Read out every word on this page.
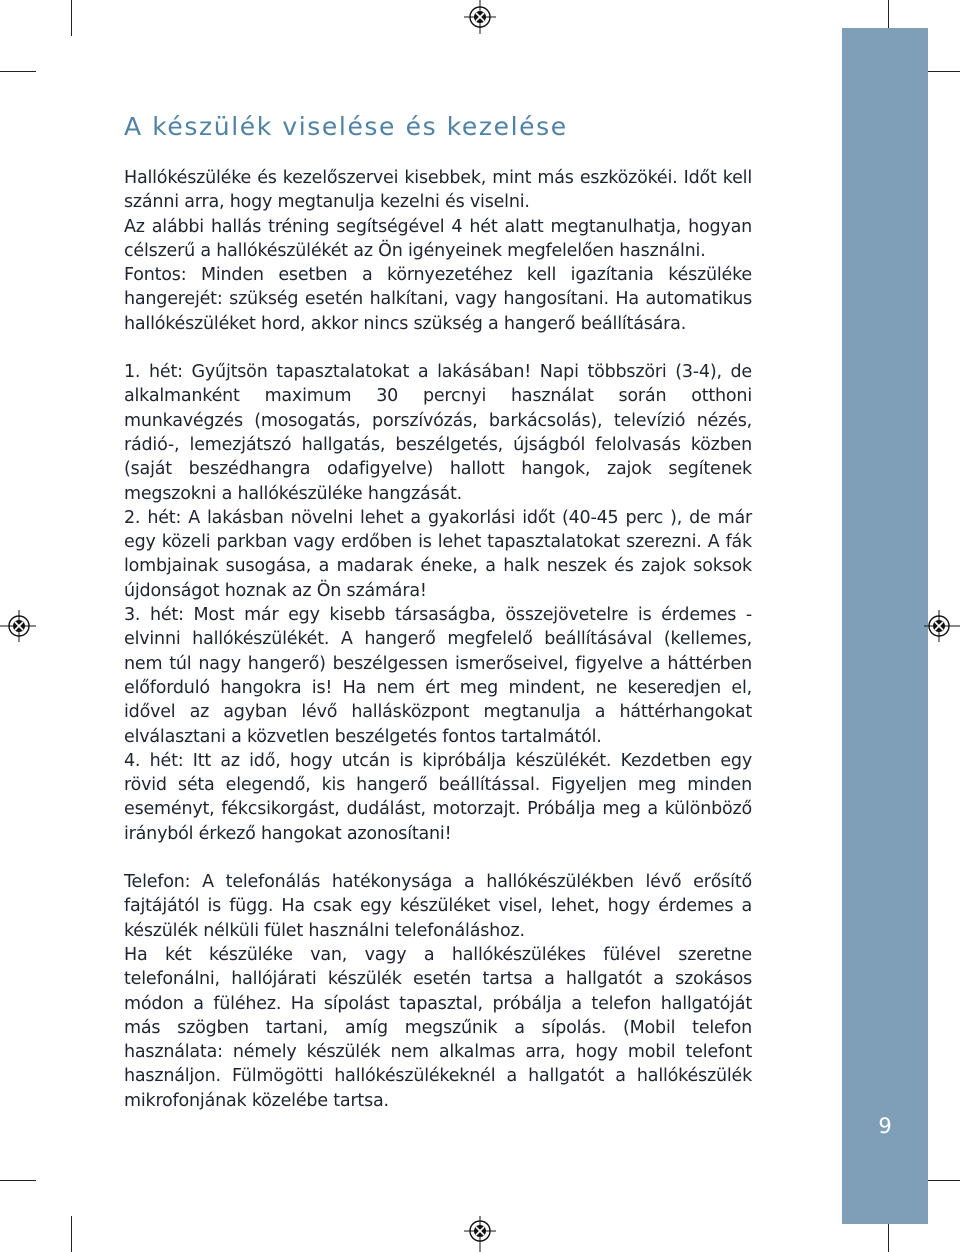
9
A készülék viselése és kezelése

Hallókészüléke és kezelőszervei kisebbek, mint más eszközökéi. Időt kell szánni arra, hogy megtanulja kezelni és viselni.

Az alábbi hallás tréning segítségével 4 hét alatt megtanulhatja, hogyan célszerű a hallókészülékét az Ön igényeinek megfelelően használni.

Fontos: Minden esetben a környezetéhez kell igazítania készüléke hangerejét: szükség esetén halkítani, vagy hangosítani. Ha automatikus hallókészüléket hord, akkor nincs szükség a hangerő beállítására.

1. hét: Gyűjtsön tapasztalatokat a lakásában! Napi többszöri (3-4), de alkalmanként maximum 30 percnyi használat során otthoni munkavégzés (mosogatás, porszívózás, barkácsolás), televízió nézés, rádió-, lemezjátszó hallgatás, beszélgetés, újságból felolvasás közben (saját beszédhangra odafigyelve) hallott hangok, zajok segítenek megszokni a hallókészüléke hangzását.

2. hét: A lakásban növelni lehet a gyakorlási időt (40-45 perc ), de már egy közeli parkban vagy erdőben is lehet tapasztalatokat szerezni. A fák lombjainak susogása, a madarak éneke, a halk neszek és zajok soksok újdonságot hoznak az Ön számára!

3. hét: Most már egy kisebb társaságba, összejövetelre is érdemes - elvinni hallókészülékét. A hangerő megfelelő beállításával (kellemes, nem túl nagy hangerő) beszélgessen ismerőseivel, figyelve a háttérben előforduló hangokra is! Ha nem ért meg mindent, ne keseredjen el, idővel az agyban lévő hallásközpont megtanulja a háttérhangokat elválasztani a közvetlen beszélgetés fontos tartalmától.

4. hét: Itt az idő, hogy utcán is kipróbálja készülékét. Kezdetben egy rövid séta elegendő, kis hangerő beállítással. Figyeljen meg minden eseményt, fékcsikorgást, dudálást, motorzajt. Próbálja meg a különböző irányból érkező hangokat azonosítani!

Telefon: A telefonálás hatékonysága a hallókészülékben lévő erősítő fajtájától is függ. Ha csak egy készüléket visel, lehet, hogy érdemes a készülék nélküli fület használni telefonáláshoz.

Ha két készüléke van, vagy a hallókészülékes fülével szeretne telefonálni, hallójárati készülék esetén tartsa a hallgatót a szokásos módon a füléhez. Ha sípolást tapasztal, próbálja a telefon hallgatóját más szögben tartani, amíg megszűnik a sípolás. (Mobil telefon használata: némely készülék nem alkalmas arra, hogy mobil telefont használjon. Fülmögötti hallókészülékeknél a hallgatót a hallókészülék mikrofonjának közelébe tartsa.
